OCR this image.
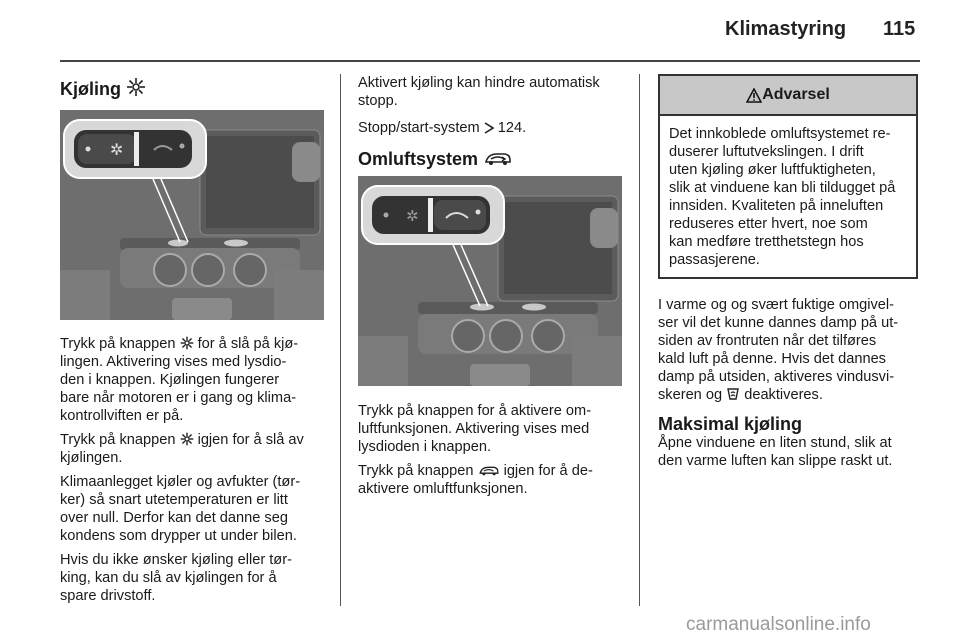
Klimastyring 115
Kjøling
✲

Trykk på knappen  for å slå på kjø-
lingen. Aktivering vises med lysdio-
den i knappen. Kjølingen fungerer
bare når motoren er i gang og klima-
kontrollviften er på.

Trykk på knappen  igjen for å slå av
kjølingen.

Klimaanlegget kjøler og avfukter (tør-
ker) så snart utetemperaturen er litt
over null. Derfor kan det danne seg
kondens som drypper ut under bilen.

Hvis du ikke ønsker kjøling eller tør-
king, kan du slå av kjølingen for å
spare drivstoff.

Aktivert kjøling kan hindre automatisk
stopp.

Stopp/start-system  124.

Omluftsystem
✲

Trykk på knappen for å aktivere om-
luftfunksjonen. Aktivering vises med
lysdioden i knappen.

Trykk på knappen  igjen for å de-
aktivere omluftfunksjonen.

Advarsel
Det innkoblede omluftsystemet re-
duserer luftutvekslingen. I drift
uten kjøling øker luftfuktigheten,
slik at vinduene kan bli tildugget på
innsiden. Kvaliteten på inneluften
reduseres etter hvert, noe som
kan medføre tretthetstegn hos
passasjerene.

I varme og og svært fuktige omgivel-
ser vil det kunne dannes damp på ut-
siden av frontruten når det tilføres
kald luft på denne. Hvis det dannes
damp på utsiden, aktiveres vindusvi-
skeren og  deaktiveres.

Maksimal kjøling

Åpne vinduene en liten stund, slik at
den varme luften kan slippe raskt ut.

carmanualsonline.info
